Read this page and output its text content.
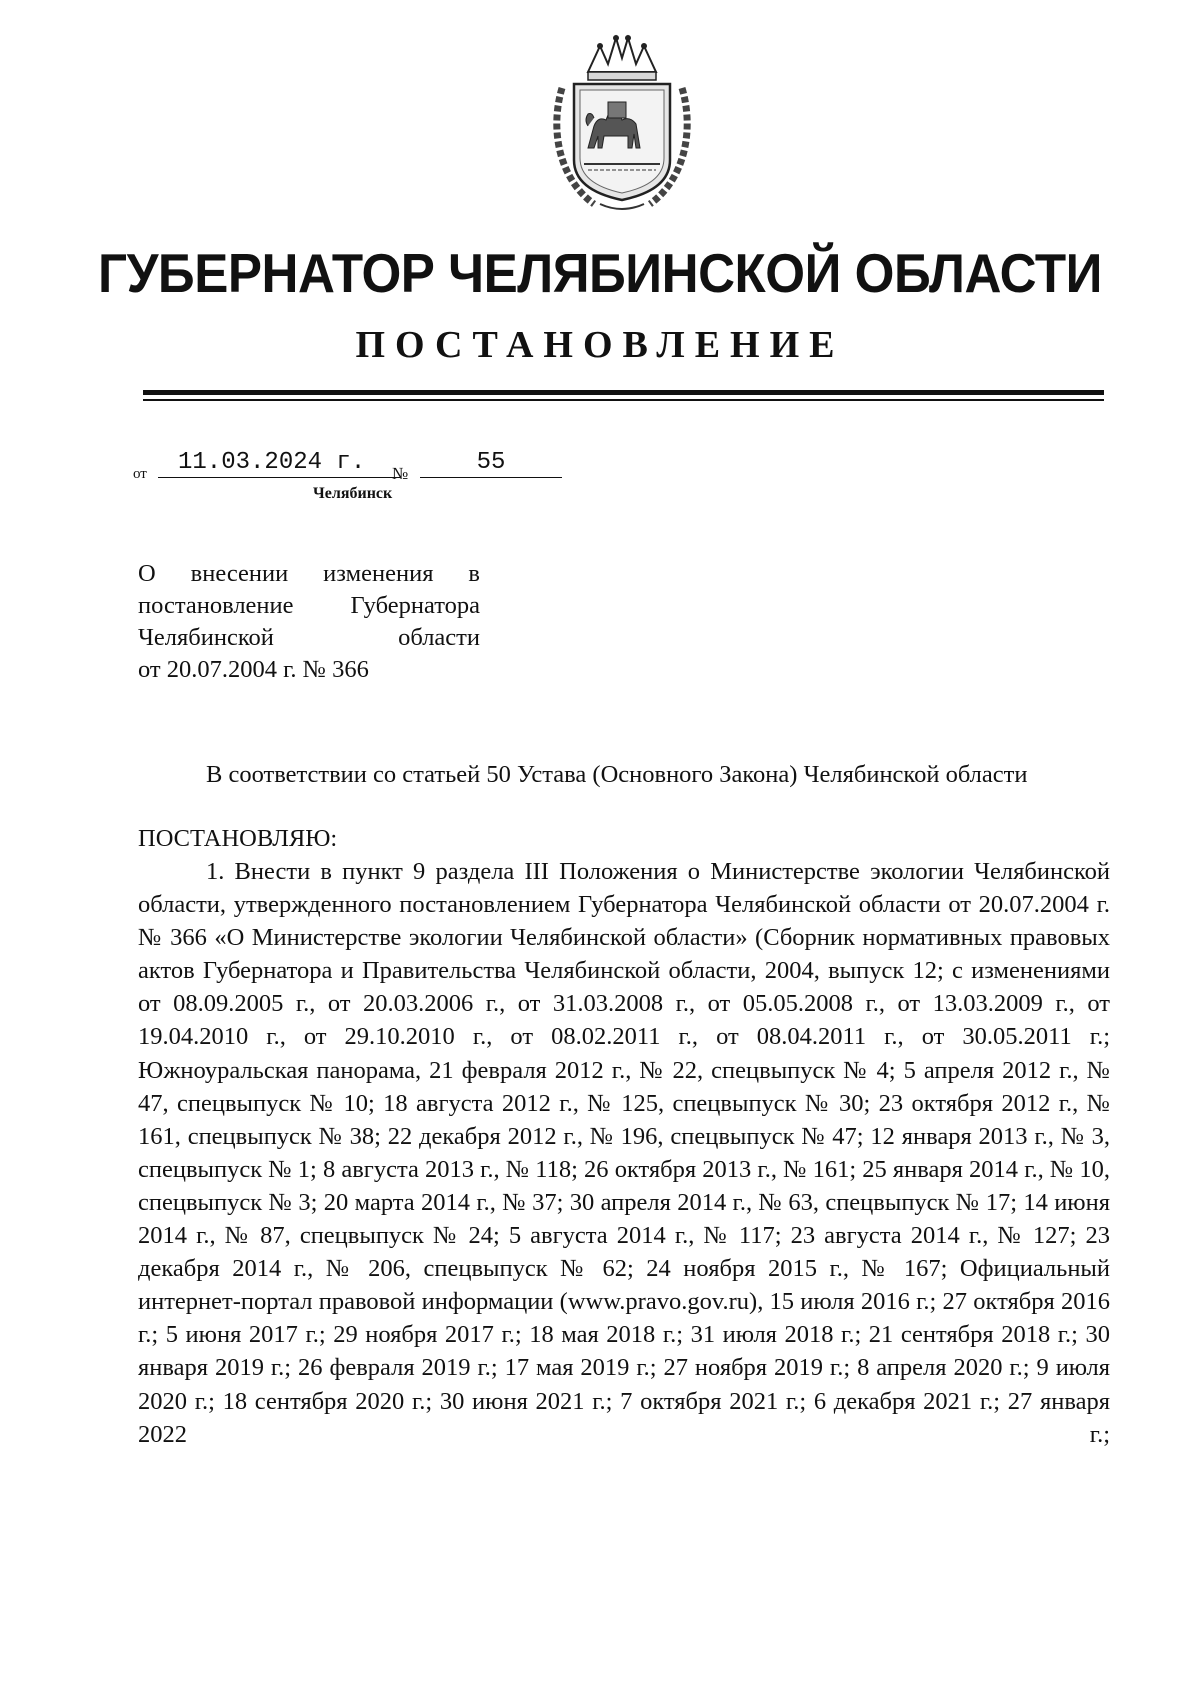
ГУБЕРНАТОР ЧЕЛЯБИНСКОЙ ОБЛАСТИ
ПОСТАНОВЛЕНИЕ
от	11.03.2024 г.	№	55
Челябинск
О внесении изменения в
постановление Губернатора
Челябинской области
от 20.07.2004 г. № 366
В соответствии со статьей 50 Устава (Основного Закона) Челябинской области
ПОСТАНОВЛЯЮ:
1. Внести в пункт 9 раздела III Положения о Министерстве экологии Челябинской области, утвержденного постановлением Губернатора Челябинской области от 20.07.2004 г. № 366 «О Министерстве экологии Челябинской области» (Сборник нормативных правовых актов Губернатора и Правительства Челябинской области, 2004, выпуск 12; с изменениями от 08.09.2005 г., от 20.03.2006 г., от 31.03.2008 г., от 05.05.2008 г., от 13.03.2009 г., от 19.04.2010 г., от 29.10.2010 г., от 08.02.2011 г., от 08.04.2011 г., от 30.05.2011 г.; Южноуральская панорама, 21 февраля 2012 г., № 22, спецвыпуск № 4; 5 апреля 2012 г., № 47, спецвыпуск № 10; 18 августа 2012 г., № 125, спецвыпуск № 30; 23 октября 2012 г., № 161, спецвыпуск № 38; 22 декабря 2012 г., № 196, спецвыпуск № 47; 12 января 2013 г., № 3, спецвыпуск № 1; 8 августа 2013 г., № 118; 26 октября 2013 г., № 161; 25 января 2014 г., № 10, спецвыпуск № 3; 20 марта 2014 г., № 37; 30 апреля 2014 г., № 63, спецвыпуск № 17; 14 июня 2014 г., № 87, спецвыпуск № 24; 5 августа 2014 г., № 117; 23 августа 2014 г., № 127; 23 декабря 2014 г., № 206, спецвыпуск № 62; 24 ноября 2015 г., № 167; Официальный интернет-портал правовой информации (www.pravo.gov.ru), 15 июля 2016 г.; 27 октября 2016 г.; 5 июня 2017 г.; 29 ноября 2017 г.; 18 мая 2018 г.; 31 июля 2018 г.; 21 сентября 2018 г.; 30 января 2019 г.; 26 февраля 2019 г.; 17 мая 2019 г.; 27 ноября 2019 г.; 8 апреля 2020 г.; 9 июля 2020 г.; 18 сентября 2020 г.; 30 июня 2021 г.; 7 октября 2021 г.; 6 декабря 2021 г.; 27 января 2022 г.;
